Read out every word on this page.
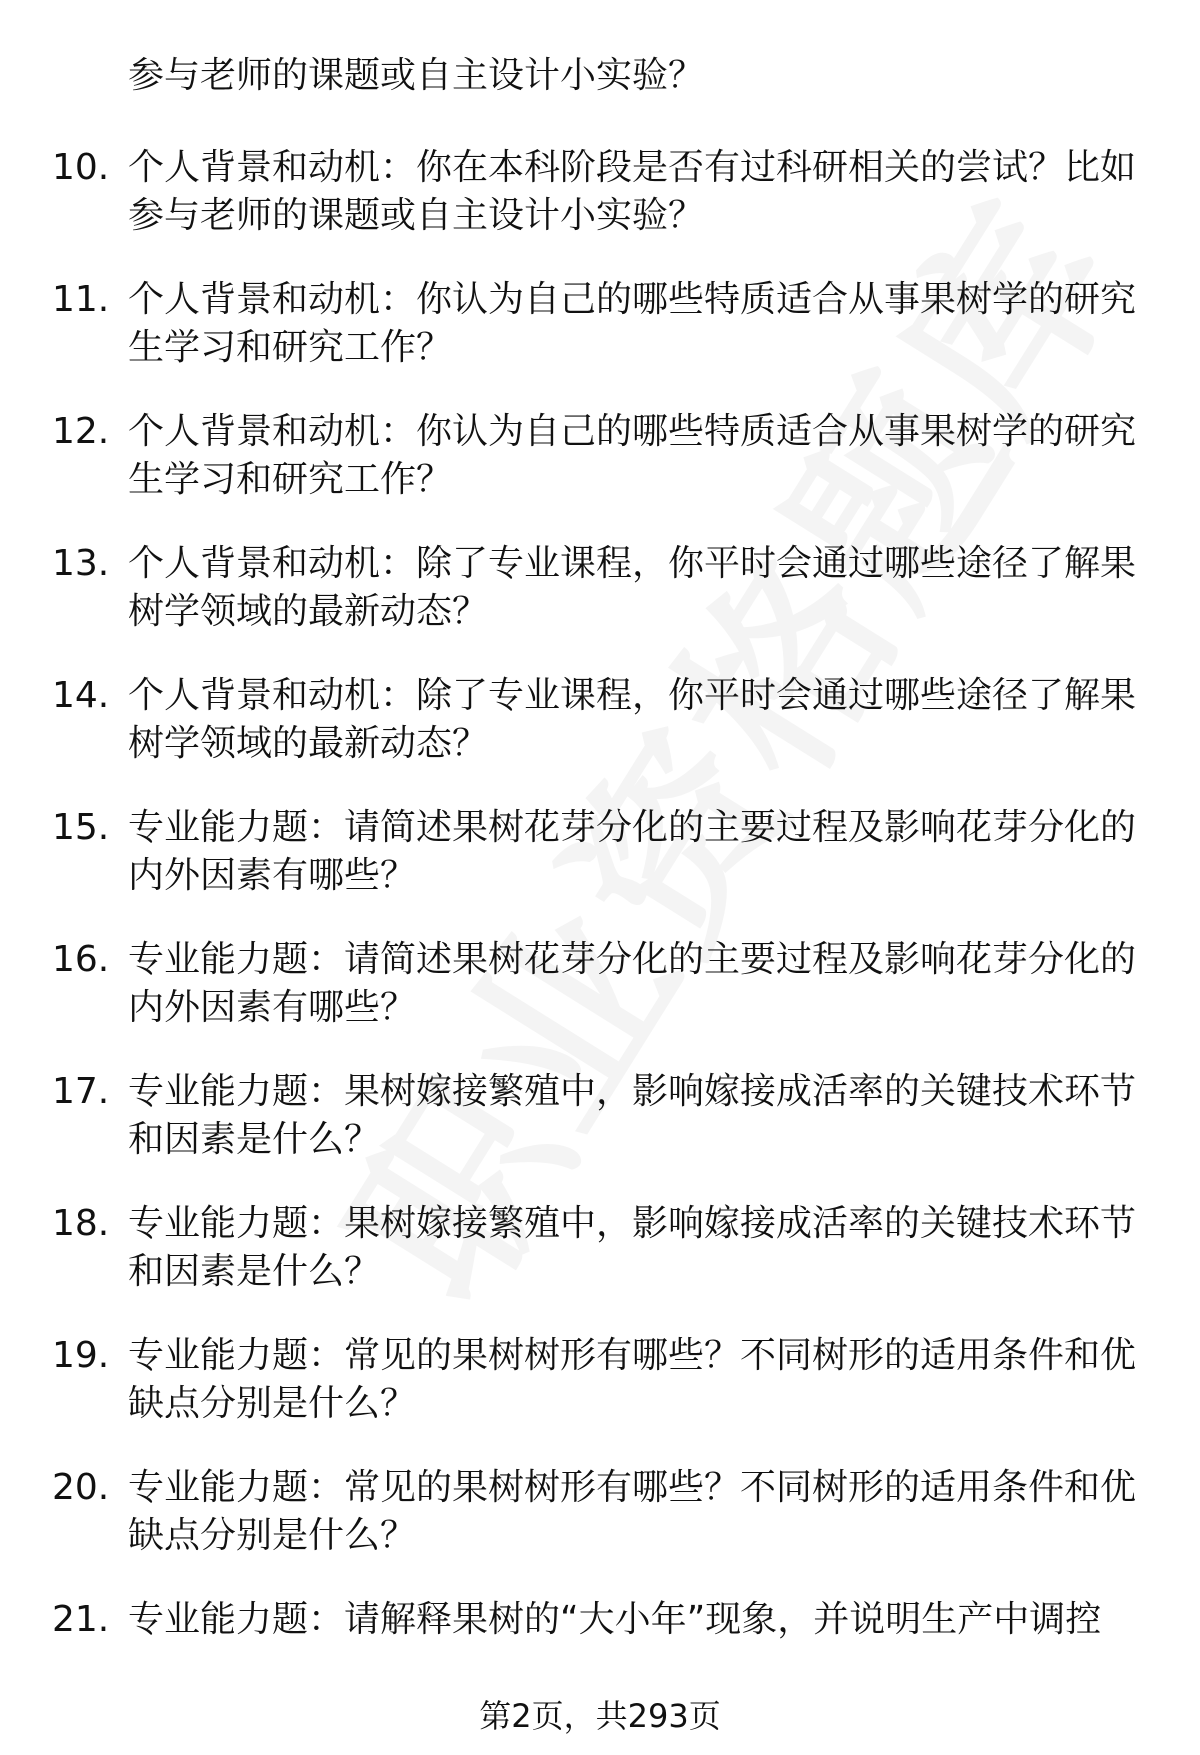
参与老师的课题或自主设计小实验？
10. 个人背景和动机：你在本科阶段是否有过科研相关的尝试？比如参与老师的课题或自主设计小实验？
11. 个人背景和动机：你认为自己的哪些特质适合从事果树学的研究生学习和研究工作？
12. 个人背景和动机：你认为自己的哪些特质适合从事果树学的研究生学习和研究工作？
13. 个人背景和动机：除了专业课程，你平时会通过哪些途径了解果树学领域的最新动态？
14. 个人背景和动机：除了专业课程，你平时会通过哪些途径了解果树学领域的最新动态？
15. 专业能力题：请简述果树花芽分化的主要过程及影响花芽分化的内外因素有哪些？
16. 专业能力题：请简述果树花芽分化的主要过程及影响花芽分化的内外因素有哪些？
17. 专业能力题：果树嫁接繁殖中，影响嫁接成活率的关键技术环节和因素是什么？
18. 专业能力题：果树嫁接繁殖中，影响嫁接成活率的关键技术环节和因素是什么？
19. 专业能力题：常见的果树树形有哪些？不同树形的适用条件和优缺点分别是什么？
20. 专业能力题：常见的果树树形有哪些？不同树形的适用条件和优缺点分别是什么？
21. 专业能力题：请解释果树的“大小年”现象，并说明生产中调控
第2页，共293页
